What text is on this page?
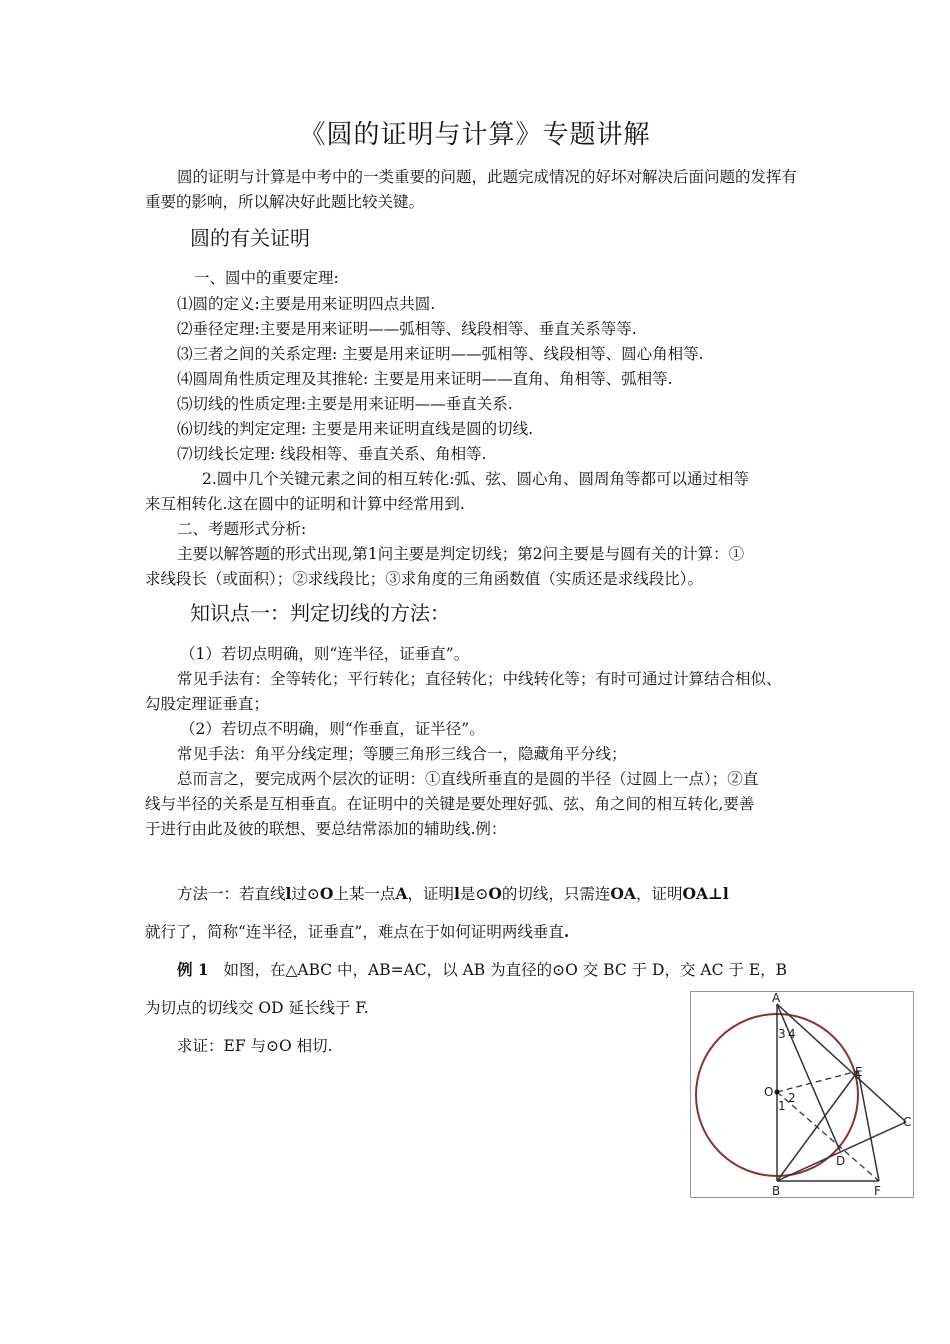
《圆的证明与计算》专题讲解
圆的证明与计算是中考中的一类重要的问题，此题完成情况的好坏对解决后面问题的发挥有重要的影响，所以解决好此题比较关键。
圆的有关证明
一、圆中的重要定理:
⑴圆的定义:主要是用来证明四点共圆.
⑵垂径定理:主要是用来证明——弧相等、线段相等、垂直关系等等.
⑶三者之间的关系定理: 主要是用来证明——弧相等、线段相等、圆心角相等.
⑷圆周角性质定理及其推轮: 主要是用来证明——直角、角相等、弧相等.
⑸切线的性质定理:主要是用来证明——垂直关系.
⑹切线的判定定理: 主要是用来证明直线是圆的切线.
⑺切线长定理: 线段相等、垂直关系、角相等.
2.圆中几个关键元素之间的相互转化:弧、弦、圆心角、圆周角等都可以通过相等
来互相转化.这在圆中的证明和计算中经常用到.
二、考题形式分析:
主要以解答题的形式出现,第1问主要是判定切线；第2问主要是与圆有关的计算：①
求线段长（或面积）；②求线段比；③求角度的三角函数值（实质还是求线段比）。
知识点一：判定切线的方法：
（1）若切点明确，则“连半径，证垂直”。
常见手法有：全等转化；平行转化；直径转化；中线转化等；有时可通过计算结合相似、
勾股定理证垂直；
（2）若切点不明确，则“作垂直，证半径”。
常见手法：角平分线定理；等腰三角形三线合一，隐藏角平分线；
总而言之，要完成两个层次的证明：①直线所垂直的是圆的半径（过圆上一点）；②直
线与半径的关系是互相垂直。在证明中的关键是要处理好弧、弦、角之间的相互转化,要善
于进行由此及彼的联想、要总结常添加的辅助线.例：
方法一：若直线l过⊙O上某一点A，证明l是⊙O的切线，只需连OA，证明OA⊥l
就行了，简称“连半径，证垂直”，难点在于如何证明两线垂直.
例 1 如图，在△ABC 中，AB=AC，以 AB 为直径的⊙O 交 BC 于 D，交 AC 于 E，B
为切点的切线交 OD 延长线于 F.
求证：EF 与⊙O 相切.
A
B
C
D
E
F
O
1
2
3 4
